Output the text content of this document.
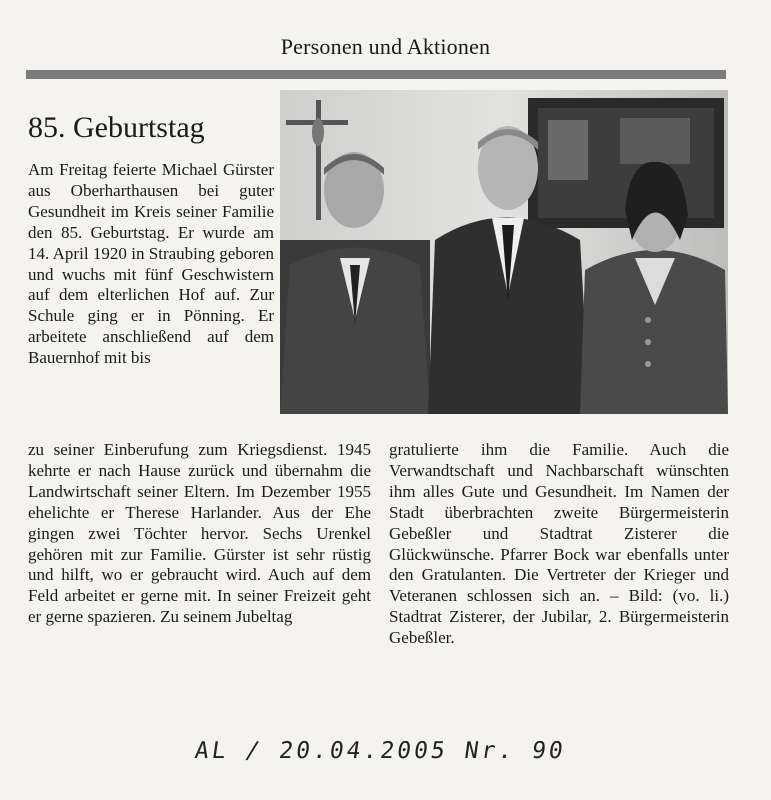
Personen und Aktionen
85. Geburtstag
Am Freitag feierte Michael Gürster aus Oberharthausen bei guter Gesundheit im Kreis seiner Familie den 85. Geburtstag. Er wurde am 14. April 1920 in Straubing geboren und wuchs mit fünf Geschwistern auf dem elterlichen Hof auf. Zur Schule ging er in Pönning. Er arbeitete anschließend auf dem Bauernhof mit bis
zu seiner Einberufung zum Kriegsdienst. 1945 kehrte er nach Hause zurück und übernahm die Landwirtschaft seiner Eltern. Im Dezember 1955 ehelichte er Therese Harlander. Aus der Ehe gingen zwei Töchter hervor. Sechs Urenkel gehören mit zur Familie. Gürster ist sehr rüstig und hilft, wo er gebraucht wird. Auch auf dem Feld arbeitet er gerne mit. In seiner Freizeit geht er gerne spazieren. Zu seinem Jubeltag
gratulierte ihm die Familie. Auch die Verwandtschaft und Nachbarschaft wünschten ihm alles Gute und Gesundheit. Im Namen der Stadt überbrachten zweite Bürgermeisterin Gebeßler und Stadtrat Zisterer die Glückwünsche. Pfarrer Bock war ebenfalls unter den Gratulanten. Die Vertreter der Krieger und Veteranen schlossen sich an. – Bild: (vo. li.) Stadtrat Zisterer, der Jubilar, 2. Bürgermeisterin Gebeßler.
AL / 20.04.2005 Nr. 90
